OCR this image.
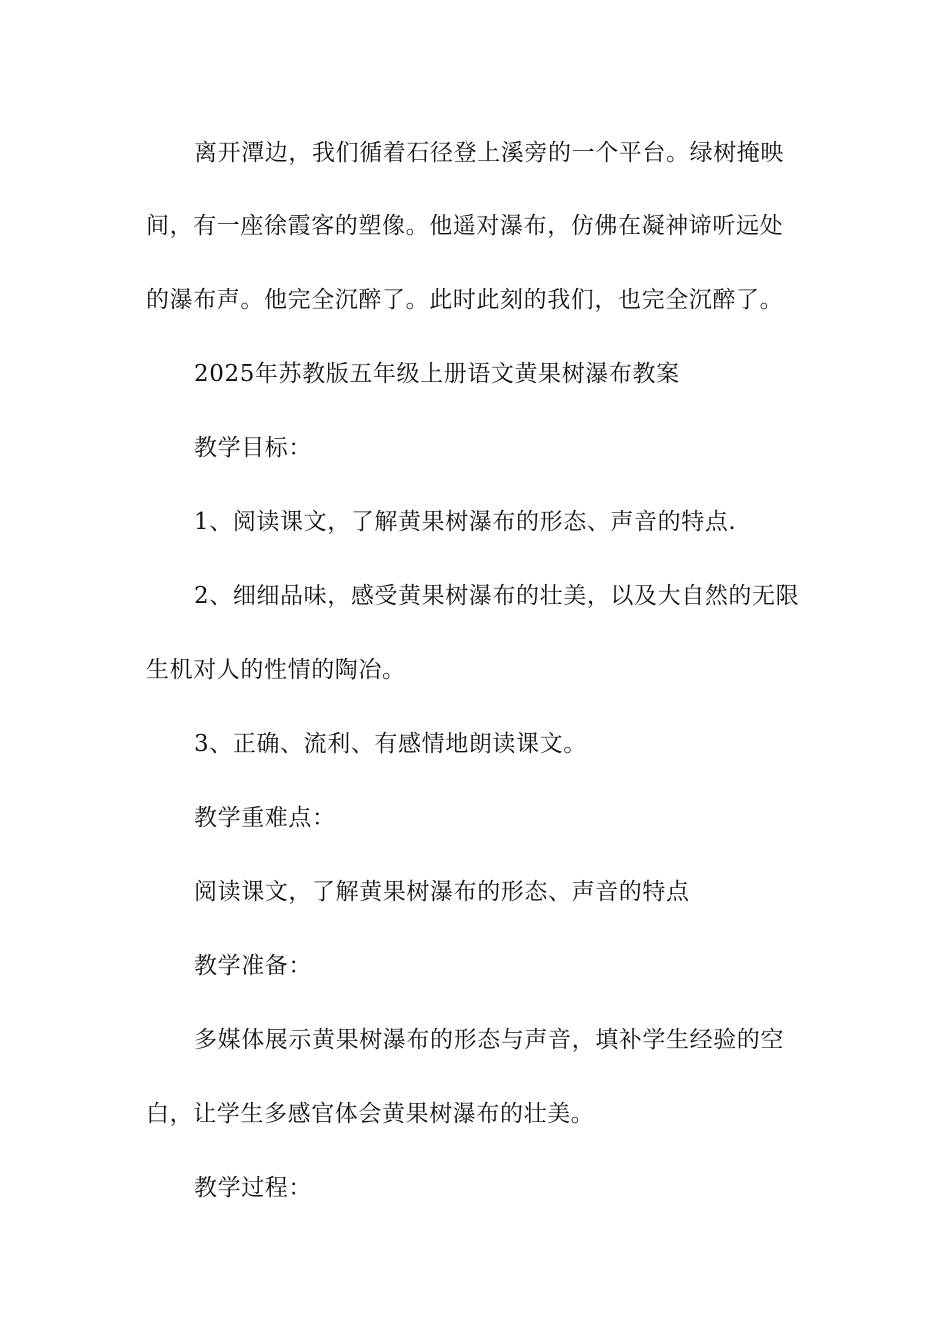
离开潭边，我们循着石径登上溪旁的一个平台。绿树掩映
间，有一座徐霞客的塑像。他遥对瀑布，仿佛在凝神谛听远处
的瀑布声。他完全沉醉了。此时此刻的我们，也完全沉醉了。
2025年苏教版五年级上册语文黄果树瀑布教案
教学目标：
1、阅读课文，了解黄果树瀑布的形态、声音的特点.
2、细细品味，感受黄果树瀑布的壮美，以及大自然的无限
生机对人的性情的陶冶。
3、正确、流利、有感情地朗读课文。
教学重难点：
阅读课文，了解黄果树瀑布的形态、声音的特点
教学准备：
多媒体展示黄果树瀑布的形态与声音，填补学生经验的空
白，让学生多感官体会黄果树瀑布的壮美。
教学过程：
